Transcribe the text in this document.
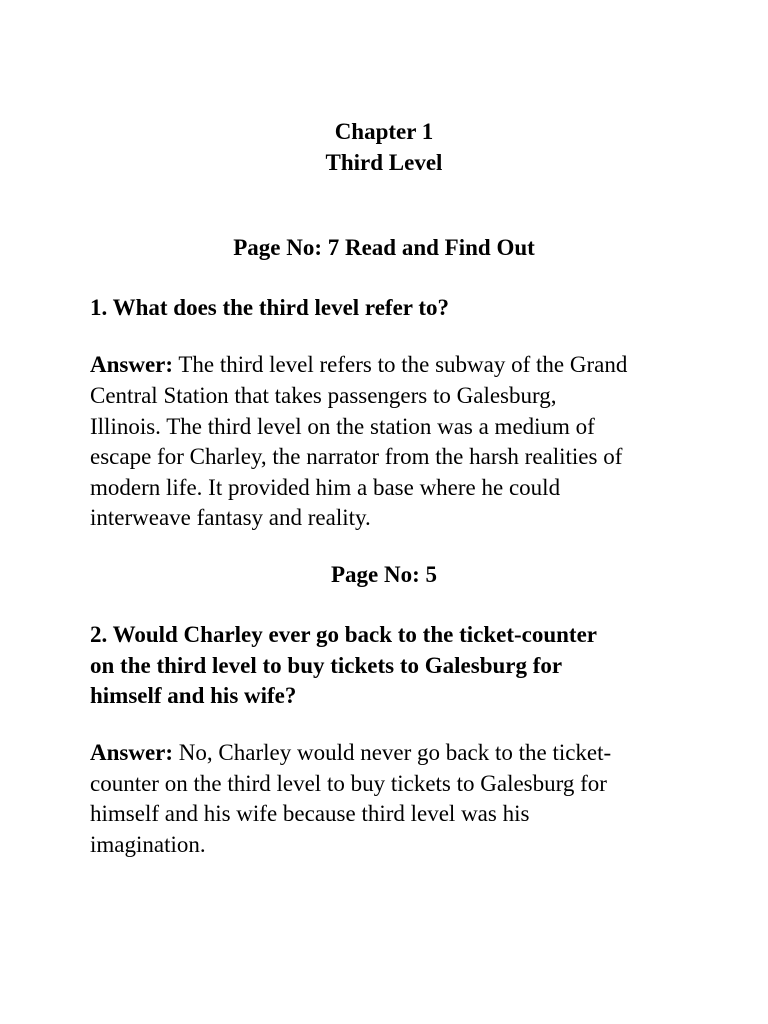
Chapter 1
Third Level
Page No: 7 Read and Find Out
1. What does the third level refer to?
Answer: The third level refers to the subway of the Grand
Central Station that takes passengers to Galesburg,
Illinois. The third level on the station was a medium of
escape for Charley, the narrator from the harsh realities of
modern life. It provided him a base where he could
interweave fantasy and reality.
Page No: 5
2. Would Charley ever go back to the ticket-counter
on the third level to buy tickets to Galesburg for
himself and his wife?
Answer: No, Charley would never go back to the ticket-
counter on the third level to buy tickets to Galesburg for
himself and his wife because third level was his
imagination.
